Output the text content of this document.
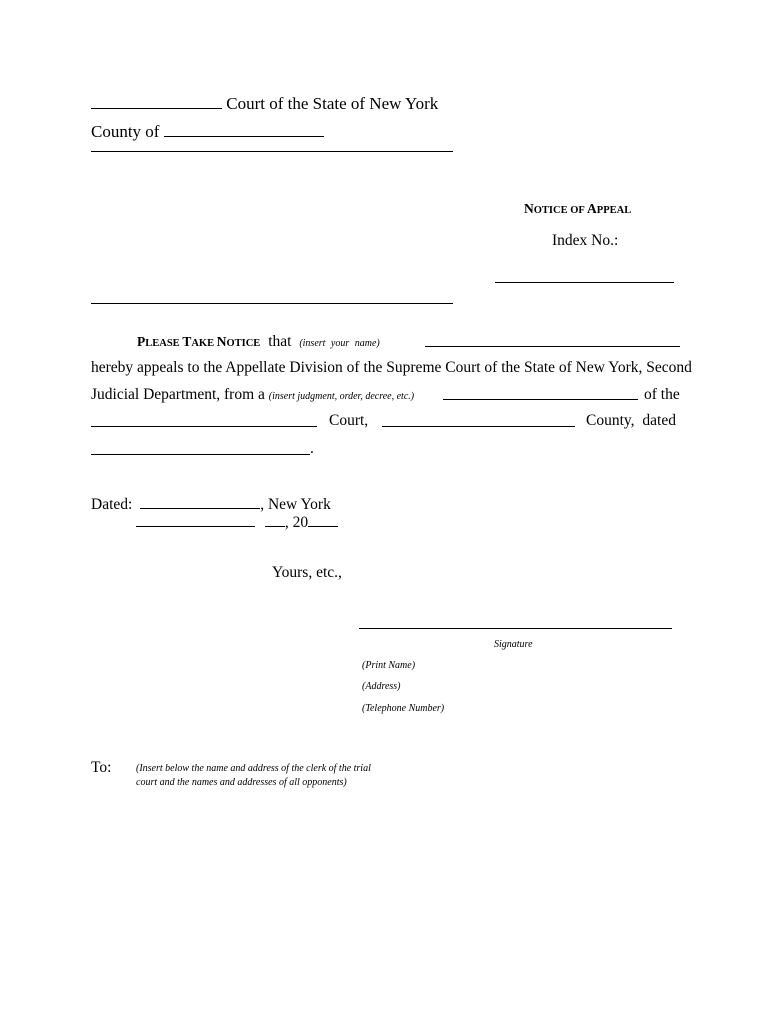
Court of the State of New York
County of
NOTICE OF APPEAL
Index No.:
PLEASE TAKE NOTICE that (insert your name)
hereby appeals to the Appellate Division of the Supreme Court of the State of New York, Second
Judicial Department, from a (insert judgment, order, decree, etc.)	of the
Court,	County, dated
.
Dated:	, New York
, 20
Yours, etc.,
Signature
(Print Name)
(Address)
(Telephone Number)
To: (Insert below the name and address of the clerk of the trial
court and the names and addresses of all opponents)
